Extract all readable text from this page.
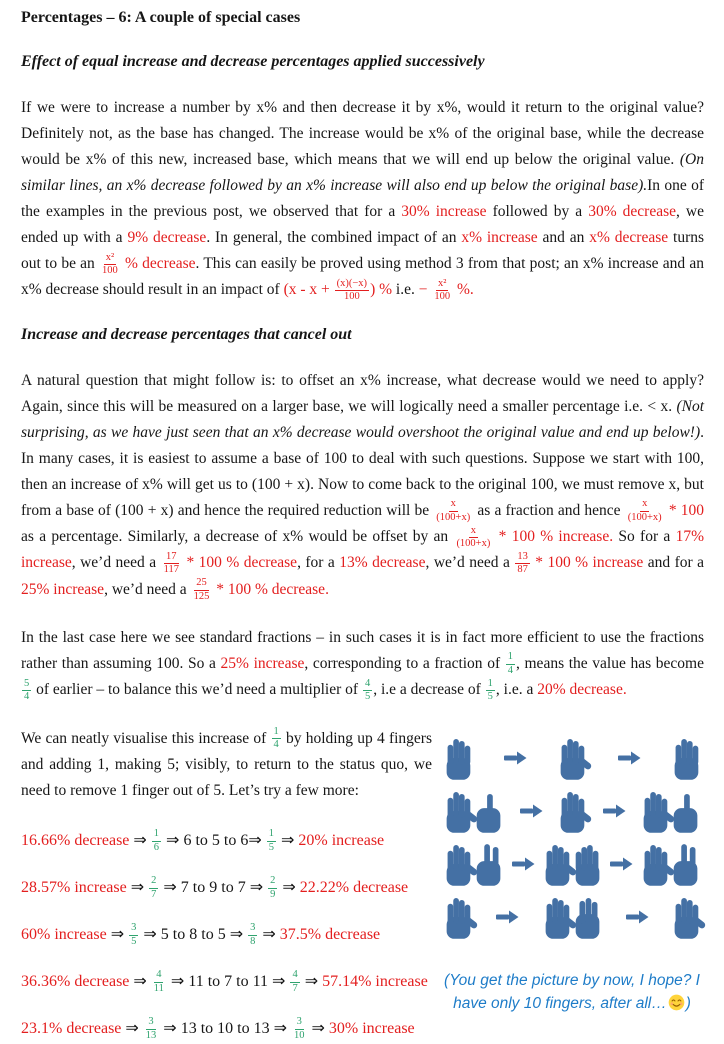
Percentages – 6: A couple of special cases
Effect of equal increase and decrease percentages applied successively

If we were to increase a number by x% and then decrease it by x%, would it return to the original value? Definitely not, as the base has changed. The increase would be x% of the original base, while the decrease would be x% of this new, increased base, which means that we will end up below the original value. (On similar lines, an x% decrease followed by an x% increase will also end up below the original base).In one of the examples in the previous post, we observed that for a 30% increase followed by a 30% decrease, we ended up with a 9% decrease. In general, the combined impact of an x% increase and an x% decrease turns out to be an $\frac{\text{x²}}{100}$ % decrease. This can easily be proved using method 3 from that post; an x% increase and an x% decrease should result in an impact of ($x - x + \frac{(x)(-x)}{100}$ ) % i.e. − $\frac{\text{x²}}{100}$ %.

Increase and decrease percentages that cancel out

A natural question that might follow is: to offset an x% increase, what decrease would we need to apply? Again, since this will be measured on a larger base, we will logically need a smaller percentage i.e. < x. (Not surprising, as we have just seen that an x% decrease would overshoot the original value and end up below!). In many cases, it is easiest to assume a base of 100 to deal with such questions. Suppose we start with 100, then an increase of x% will get us to (100 + x). Now to come back to the original 100, we must remove x, but from a base of (100 + x) and hence the required reduction will be $\frac{x}{(100+x)}$ as a fraction and hence $\frac{x}{(100+x)} * 100$ as a percentage. Similarly, a decrease of x% would be offset by an $\frac{x}{(100+x)} * 100$ % increase. So for a 17% increase, we’d need a $\frac{17}{117} * 100$ % decrease, for a 13% decrease, we’d need a $\frac{13}{87} * 100$ % increase and for a 25% increase, we’d need a $\frac{25}{125} * 100$ % decrease.

In the last case here we see standard fractions – in such cases it is in fact more efficient to use the fractions rather than assuming 100. So a 25% increase, corresponding to a fraction of $\frac{1}{4}$ , means the value has become
$\frac{5}{4}$ of earlier – to balance this we’d need a multiplier of $\frac{4}{5}$ , i.e a decrease of $\frac{1}{5}$ , i.e. a 20% decrease.

(You get the picture by now, I hope? I have only 10 fingers, after all… )

We can neatly visualise this increase of $\frac{1}{4}$ by holding up 4 fingers and adding 1, making 5; visibly, to return to the status quo, we need to remove 1 finger out of 5. Let’s try a few more:

16.66% decrease ⇒ $\frac{1}{6}$ ⇒ 6 to 5 to 6⇒ $\frac{1}{5}$ ⇒ 20% increase
28.57% increase ⇒ $\frac{2}{7}$ ⇒ 7 to 9 to 7 ⇒ $\frac{2}{9}$ ⇒ 22.22% decrease
60% increase ⇒ $\frac{3}{5}$ ⇒ 5 to 8 to 5 ⇒ $\frac{3}{8}$ ⇒ 37.5% decrease
36.36% decrease ⇒ $\frac{4}{11}$ ⇒ 11 to 7 to 11 ⇒ $\frac{4}{7}$ ⇒ 57.14% increase
23.1% decrease ⇒ $\frac{3}{13}$ ⇒ 13 to 10 to 13 ⇒ $\frac{3}{10}$ ⇒ 30% increase
